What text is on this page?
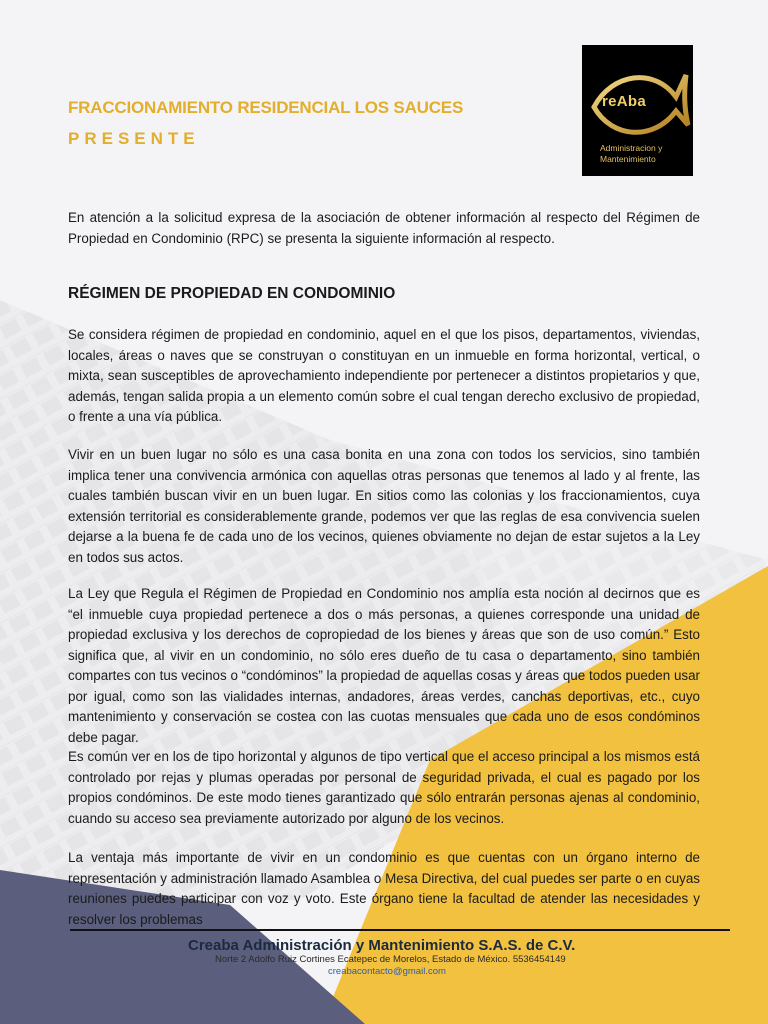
FRACCIONAMIENTO RESIDENCIAL LOS SAUCES
PRESENTE
reAba
Administracion y Mantenimiento

En atención a la solicitud expresa de la asociación de obtener información al respecto del Régimen de Propiedad en Condominio (RPC) se presenta la siguiente información al respecto.

RÉGIMEN DE PROPIEDAD EN CONDOMINIO

Se considera régimen de propiedad en condominio, aquel en el que los pisos, departamentos, viviendas, locales, áreas o naves que se construyan o constituyan en un inmueble en forma horizontal, vertical, o mixta, sean susceptibles de aprovechamiento independiente por pertenecer a distintos propietarios y que, además, tengan salida propia a un elemento común sobre el cual tengan derecho exclusivo de propiedad, o frente a una vía pública.

Vivir en un buen lugar no sólo es una casa bonita en una zona con todos los servicios, sino también implica tener una convivencia armónica con aquellas otras personas que tenemos al lado y al frente, las cuales también buscan vivir en un buen lugar. En sitios como las colonias y los fraccionamientos, cuya extensión territorial es considerablemente grande, podemos ver que las reglas de esa convivencia suelen dejarse a la buena fe de cada uno de los vecinos, quienes obviamente no dejan de estar sujetos a la Ley en todos sus actos.

La Ley que Regula el Régimen de Propiedad en Condominio nos amplía esta noción al decirnos que es “el inmueble cuya propiedad pertenece a dos o más personas, a quienes corresponde una unidad de propiedad exclusiva y los derechos de copropiedad de los bienes y áreas que son de uso común.” Esto significa que, al vivir en un condominio, no sólo eres dueño de tu casa o departamento, sino también compartes con tus vecinos o “condóminos” la propiedad de aquellas cosas y áreas que todos pueden usar por igual, como son las vialidades internas, andadores, áreas verdes, canchas deportivas, etc., cuyo mantenimiento y conservación se costea con las cuotas mensuales que cada uno de esos condóminos debe pagar.

Es común ver en los de tipo horizontal y algunos de tipo vertical que el acceso principal a los mismos está controlado por rejas y plumas operadas por personal de seguridad privada, el cual es pagado por los propios condóminos. De este modo tienes garantizado que sólo entrarán personas ajenas al condominio, cuando su acceso sea previamente autorizado por alguno de los vecinos.

La ventaja más importante de vivir en un condominio es que cuentas con un órgano interno de representación y administración llamado Asamblea o Mesa Directiva, del cual puedes ser parte o en cuyas reuniones puedes participar con voz y voto. Este órgano tiene la facultad de atender las necesidades y resolver los problemas

Creaba Administración y Mantenimiento S.A.S. de C.V.
Norte 2 Adolfo Ruiz Cortines Ecatepec de Morelos, Estado de México. 5536454149
creabacontacto@gmail.com
